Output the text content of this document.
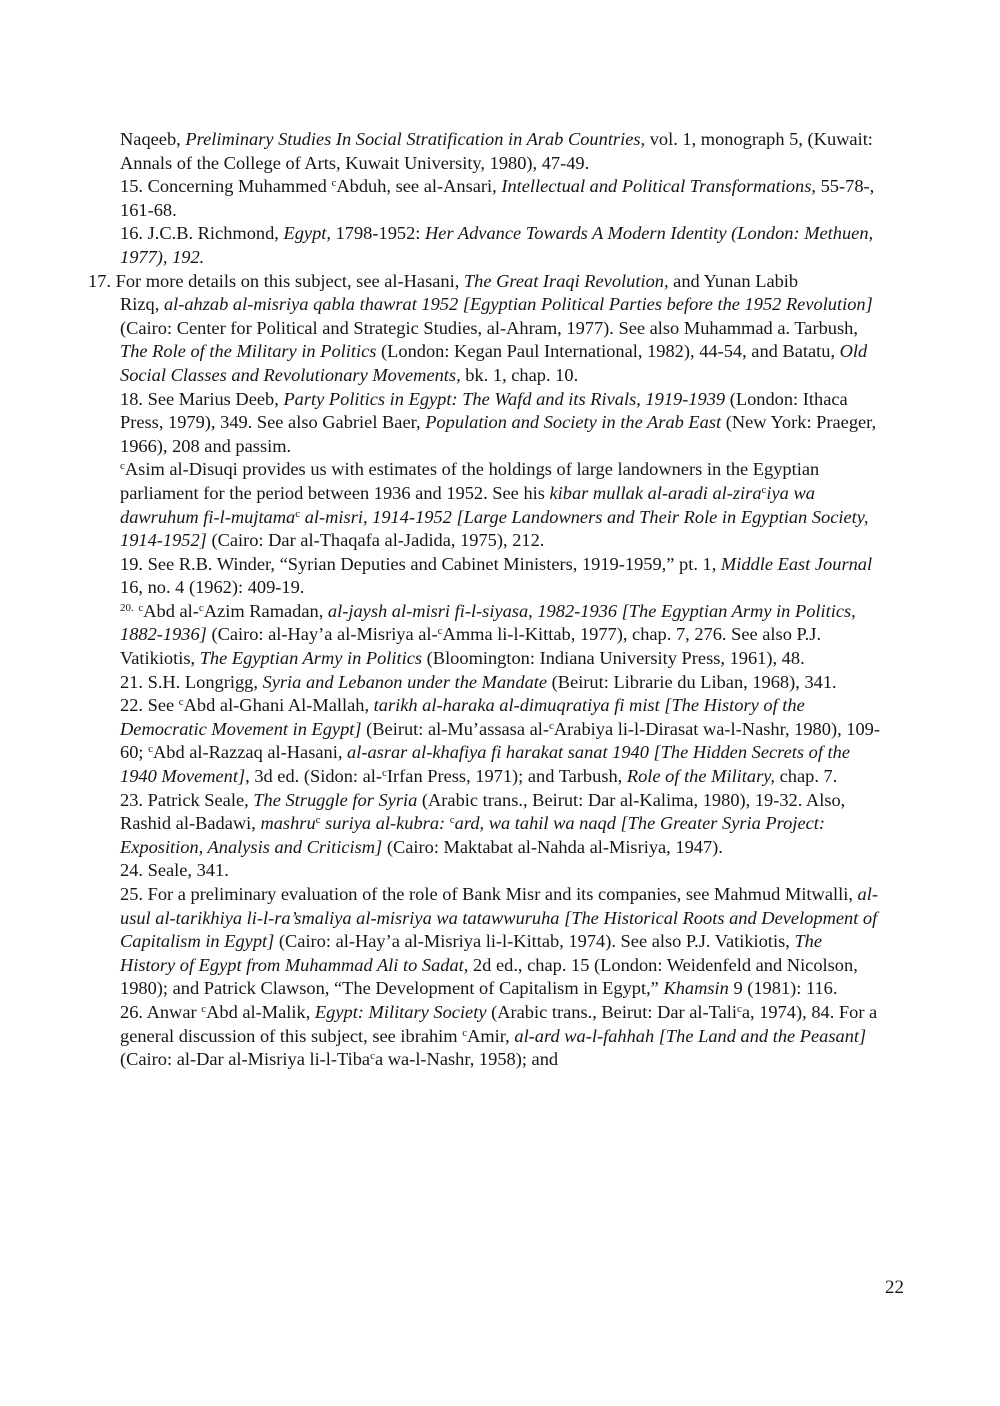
Naqeeb, Preliminary Studies In Social Stratification in Arab Countries, vol. 1, monograph 5, (Kuwait: Annals of the College of Arts, Kuwait University, 1980), 47-49.

15. Concerning Muhammed $^c$Abduh, see al-Ansari, Intellectual and Political Transformations, 55-78-, 161-68.

16. J.C.B. Richmond, Egypt, 1798-1952: Her Advance Towards A Modern Identity (London: Methuen, 1977), 192.

17. For more details on this subject, see al-Hasani, The Great Iraqi Revolution, and Yunan Labib

Rizq, al-ahzab al-misriya qabla thawrat 1952 [Egyptian Political Parties before the 1952 Revolution] (Cairo: Center for Political and Strategic Studies, al-Ahram, 1977). See also Muhammad a. Tarbush, The Role of the Military in Politics (London: Kegan Paul International, 1982), 44-54, and Batatu, Old Social Classes and Revolutionary Movements, bk. 1, chap. 10.

18. See Marius Deeb, Party Politics in Egypt: The Wafd and its Rivals, 1919-1939 (London: Ithaca Press, 1979), 349. See also Gabriel Baer, Population and Society in the Arab East (New York: Praeger, 1966), 208 and passim.

$^c$Asim al-Disuqi provides us with estimates of the holdings of large landowners in the Egyptian parliament for the period between 1936 and 1952. See his kibar mullak al-aradi al-zira$^c$iya wa dawruhum fi-l-mujtama$^c$ al-misri, 1914-1952 [Large Landowners and Their Role in Egyptian Society, 1914-1952] (Cairo: Dar al-Thaqafa al-Jadida, 1975), 212.

19. See R.B. Winder, “Syrian Deputies and Cabinet Ministers, 1919-1959,” pt. 1, Middle East Journal 16, no. 4 (1962): 409-19.

$^{20.}$ $^c$Abd al-$^c$Azim Ramadan, al-jaysh al-misri fi-l-siyasa, 1982-1936 [The Egyptian Army in Politics, 1882-1936] (Cairo: al-Hay’a al-Misriya al-$^c$Amma li-l-Kittab, 1977), chap. 7, 276. See also P.J. Vatikiotis, The Egyptian Army in Politics (Bloomington: Indiana University Press, 1961), 48.

21. S.H. Longrigg, Syria and Lebanon under the Mandate (Beirut: Librarie du Liban, 1968), 341.

22. See $^c$Abd al-Ghani Al-Mallah, tarikh al-haraka al-dimuqratiya fi mist [The History of the Democratic Movement in Egypt] (Beirut: al-Mu’assasa al-$^c$Arabiya li-l-Dirasat wa-l-Nashr, 1980), 109-60; $^c$Abd al-Razzaq al-Hasani, al-asrar al-khafiya fi harakat sanat 1940 [The Hidden Secrets of the 1940 Movement], 3d ed. (Sidon: al-$^c$Irfan Press, 1971); and Tarbush, Role of the Military, chap. 7.

23. Patrick Seale, The Struggle for Syria (Arabic trans., Beirut: Dar al-Kalima, 1980), 19-32. Also, Rashid al-Badawi, mashru$^c$ suriya al-kubra: $^c$ard, wa tahil wa naqd [The Greater Syria Project: Exposition, Analysis and Criticism] (Cairo: Maktabat al-Nahda al-Misriya, 1947).

24. Seale, 341.

25. For a preliminary evaluation of the role of Bank Misr and its companies, see Mahmud Mitwalli, al-usul al-tarikhiya li-l-ra’smaliya al-misriya wa tatawwuruha [The Historical Roots and Development of Capitalism in Egypt] (Cairo: al-Hay’a al-Misriya li-l-Kittab, 1974). See also P.J. Vatikiotis, The History of Egypt from Muhammad Ali to Sadat, 2d ed., chap. 15 (London: Weidenfeld and Nicolson, 1980); and Patrick Clawson, “The Development of Capitalism in Egypt,” Khamsin 9 (1981): 116.

26. Anwar $^c$Abd al-Malik, Egypt: Military Society (Arabic trans., Beirut: Dar al-Tali$^c$a, 1974), 84. For a general discussion of this subject, see ibrahim $^c$Amir, al-ard wa-l-fahhah [The Land and the Peasant] (Cairo: al-Dar al-Misriya li-l-Tiba$^c$a wa-l-Nashr, 1958); and

22
